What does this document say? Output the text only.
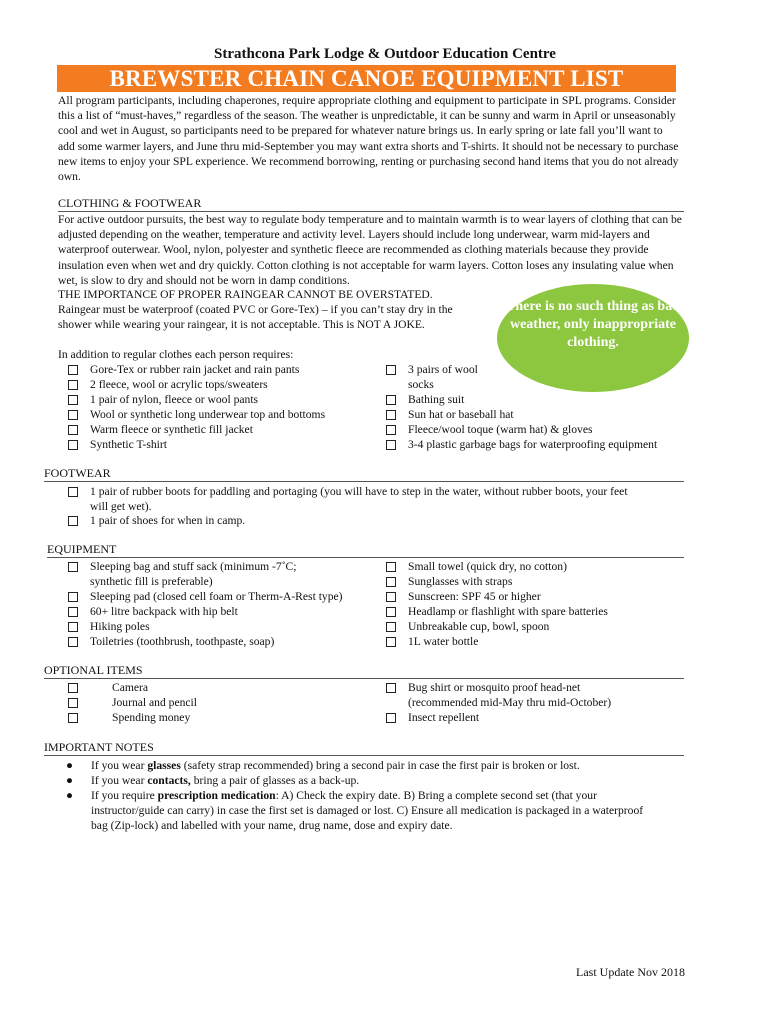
Strathcona Park Lodge & Outdoor Education Centre
BREWSTER CHAIN CANOE EQUIPMENT LIST
All program participants, including chaperones, require appropriate clothing and equipment to participate in SPL programs. Consider this a list of “must-haves,” regardless of the season. The weather is unpredictable, it can be sunny and warm in April or unseasonably cool and wet in August, so participants need to be prepared for whatever nature brings us. In early spring or late fall you’ll want to add some warmer layers, and June thru mid-September you may want extra shorts and T-shirts. It should not be necessary to purchase new items to enjoy your SPL experience. We recommend borrowing, renting or purchasing second hand items that you do not already own.
CLOTHING & FOOTWEAR
For active outdoor pursuits, the best way to regulate body temperature and to maintain warmth is to wear layers of clothing that can be adjusted depending on the weather, temperature and activity level. Layers should include long underwear, warm mid-layers and waterproof outerwear. Wool, nylon, polyester and synthetic fleece are recommended as clothing materials because they provide insulation even when wet and dry quickly. Cotton clothing is not acceptable for warm layers. Cotton loses any insulating value when wet, is slow to dry and should not be worn in damp conditions.
THE IMPORTANCE OF PROPER RAINGEAR CANNOT BE OVERSTATED.
Raingear must be waterproof (coated PVC or Gore-Tex) – if you can’t stay dry in the
shower while wearing your raingear, it is not acceptable. This is NOT A JOKE.
There is no such thing as bad weather, only inappropriate clothing.
In addition to regular clothes each person requires:
Gore-Tex or rubber rain jacket and rain pants
2 fleece, wool or acrylic tops/sweaters
1 pair of nylon, fleece or wool pants
Wool or synthetic long underwear top and bottoms
Warm fleece or synthetic fill jacket
Synthetic T-shirt
3 pairs of wool
socks
Bathing suit
Sun hat or baseball hat
Fleece/wool toque (warm hat) & gloves
3-4 plastic garbage bags for waterproofing equipment
FOOTWEAR
1 pair of rubber boots for paddling and portaging (you will have to step in the water, without rubber boots, your feet
will get wet).
1 pair of shoes for when in camp.
EQUIPMENT
Sleeping bag and stuff sack (minimum -7˚C;
synthetic fill is preferable)
Sleeping pad (closed cell foam or Therm-A-Rest type)
60+ litre backpack with hip belt
Hiking poles
Toiletries (toothbrush, toothpaste, soap)
Small towel (quick dry, no cotton)
Sunglasses with straps
Sunscreen: SPF 45 or higher
Headlamp or flashlight with spare batteries
Unbreakable cup, bowl, spoon
1L water bottle
OPTIONAL ITEMS
Camera
Journal and pencil
Spending money
Bug shirt or mosquito proof head-net
(recommended mid-May thru mid-October)
Insect repellent
IMPORTANT NOTES
● If you wear glasses (safety strap recommended) bring a second pair in case the first pair is broken or lost.
● If you wear contacts, bring a pair of glasses as a back-up.
● If you require prescription medication: A) Check the expiry date. B) Bring a complete second set (that your instructor/guide can carry) in case the first set is damaged or lost. C) Ensure all medication is packaged in a waterproof bag (Zip-lock) and labelled with your name, drug name, dose and expiry date.
Last Update Nov 2018
